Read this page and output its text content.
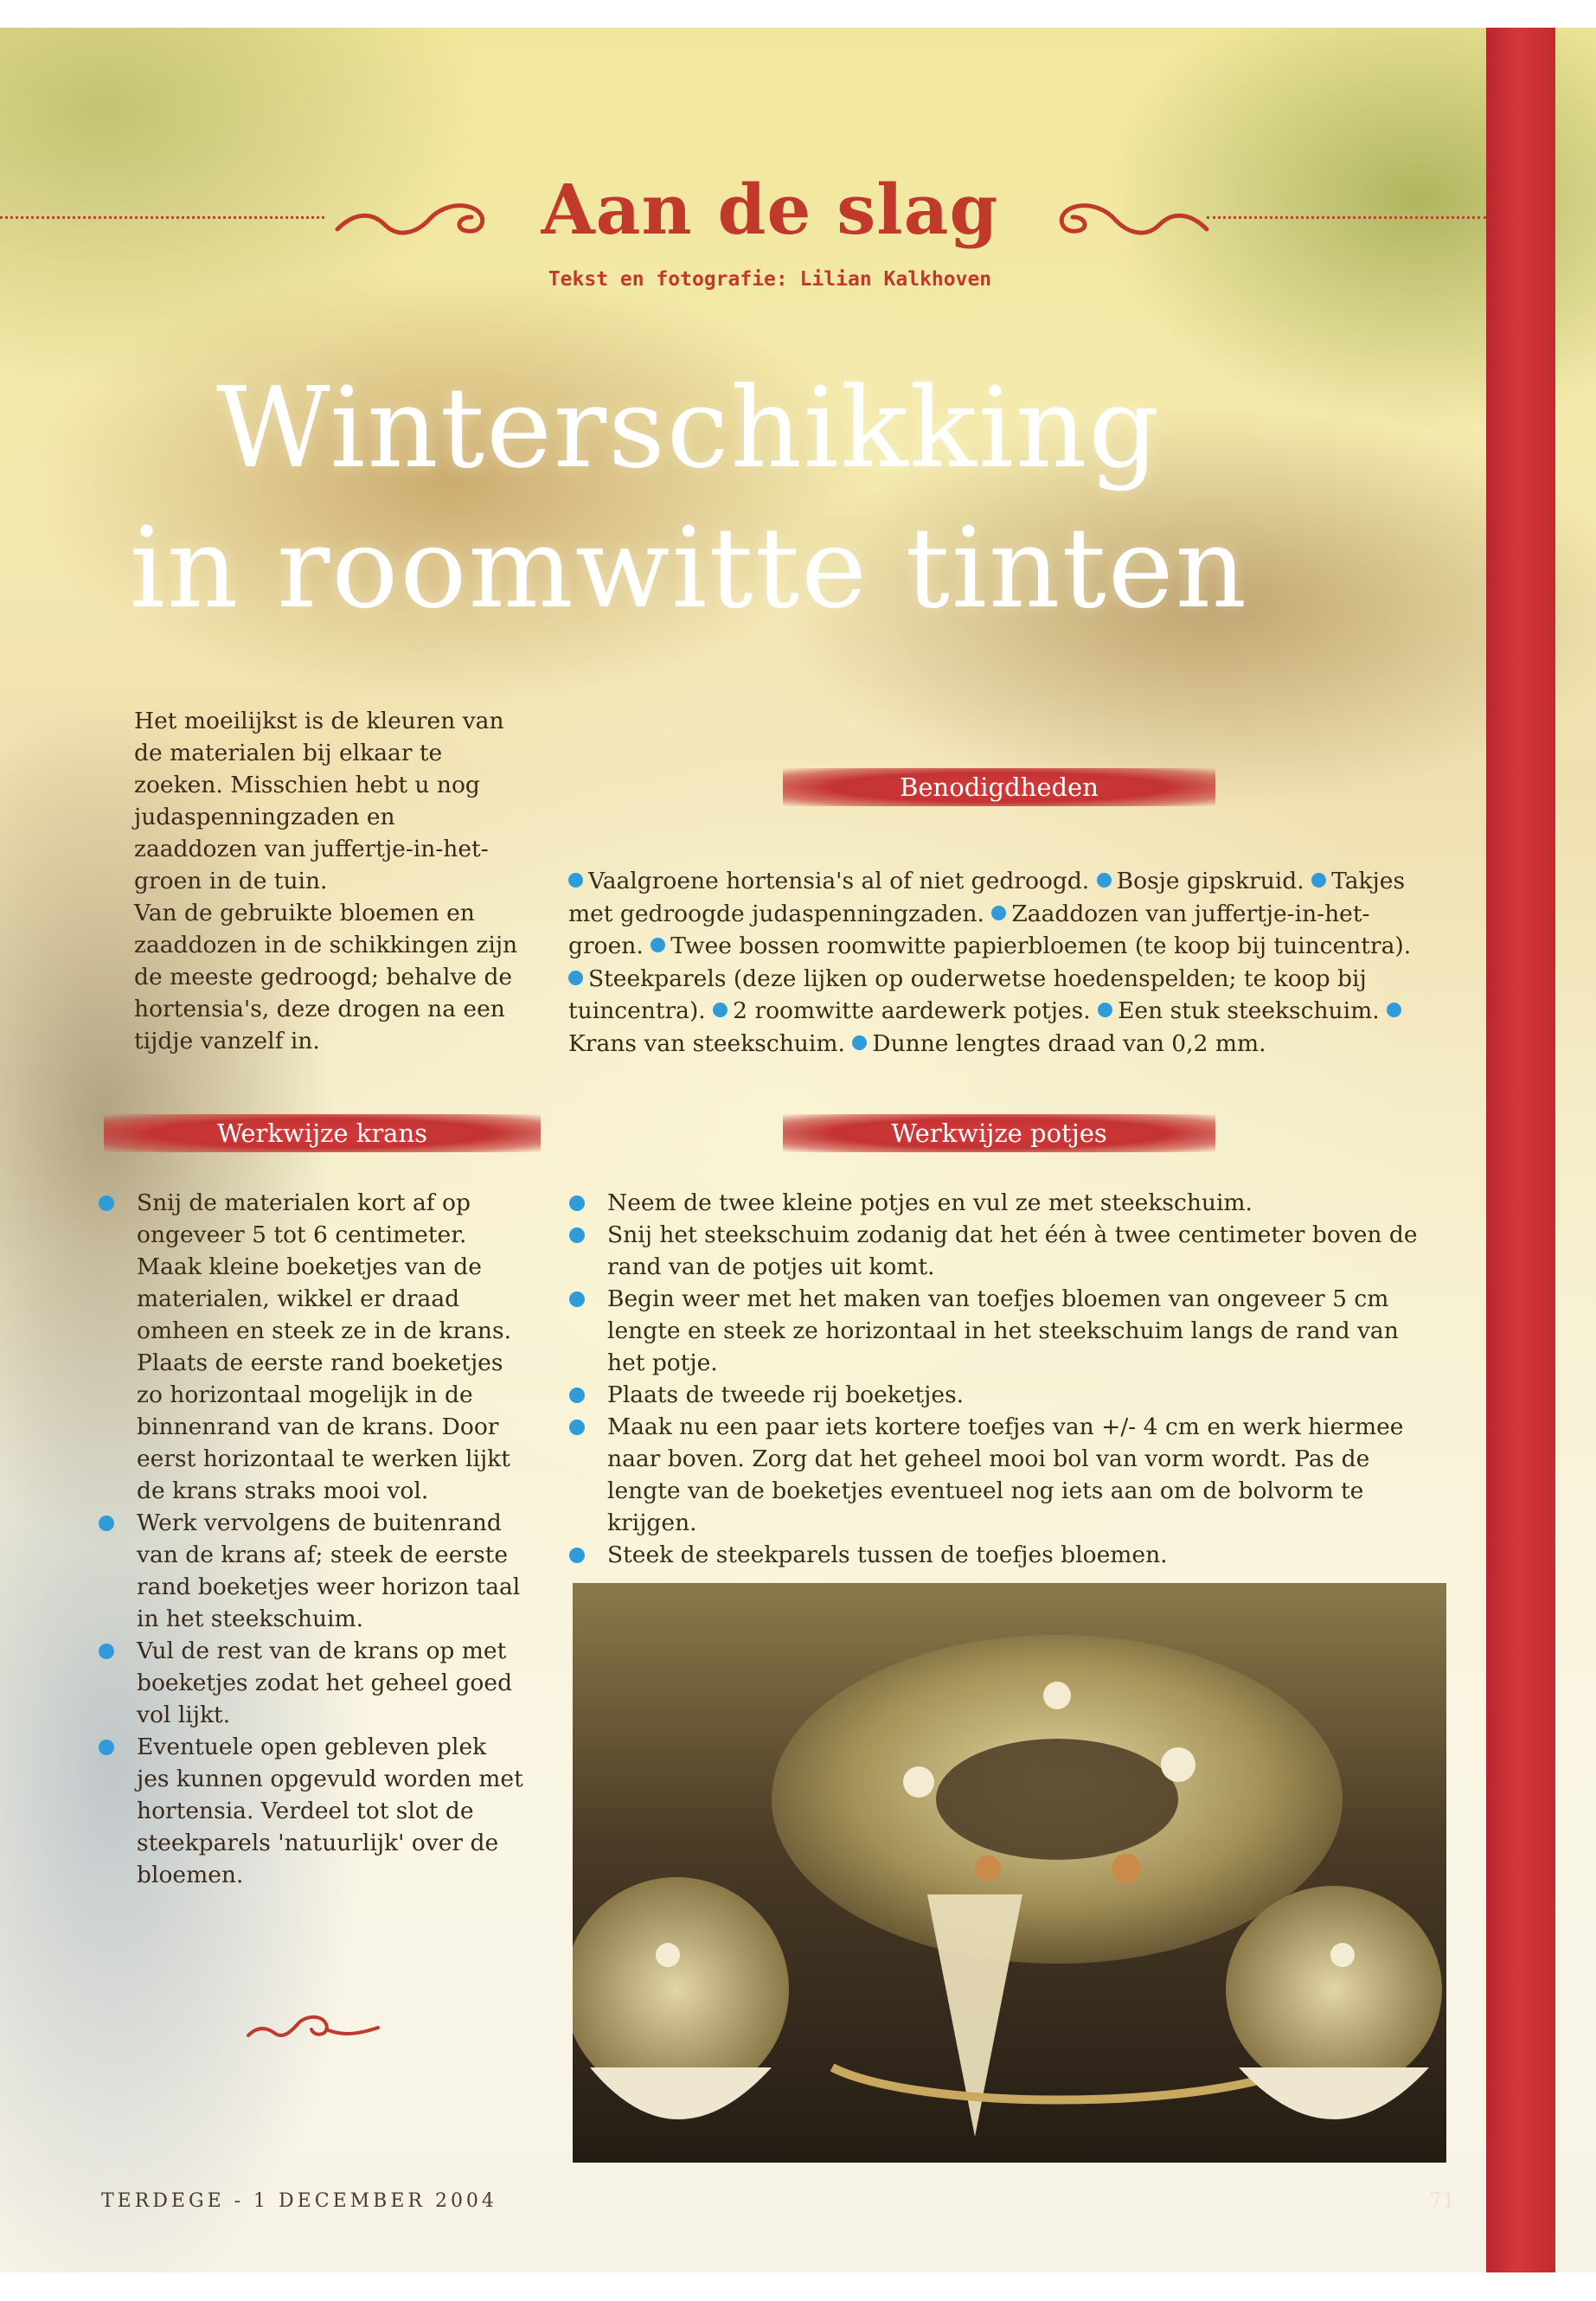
Aan de slag
Tekst en fotografie: Lilian Kalkhoven
Winterschikking
in roomwitte tinten

Het moeilijkst is de kleuren van de materialen bij elkaar te zoeken. Misschien hebt u nog judaspenningzaden en zaaddozen van juffertje-in-het-groen in de tuin.

Van de gebruikte bloemen en zaaddozen in de schikkingen zijn de meeste gedroogd; behalve de hortensia's, deze drogen na een tijdje vanzelf in.

Benodigdheden
Vaalgroene hortensia's al of niet gedroogd. Bosje gipskruid. Takjes met gedroogde judaspenningzaden. Zaaddozen van juffertje-in-het-groen. Twee bossen roomwitte papierbloemen (te koop bij tuincentra). Steekparels (deze lijken op ouderwetse hoedenspelden; te koop bij tuincentra). 2 roomwitte aardewerk potjes. Een stuk steekschuim. Krans van steekschuim. Dunne lengtes draad van 0,2 mm.
Werkwijze krans
Snij de materialen kort af op ongeveer 5 tot 6 centimeter. Maak kleine boeketjes van de materialen, wikkel er draad omheen en steek ze in de krans. Plaats de eerste rand boeketjes zo horizontaal mogelijk in de binnenrand van de krans. Door eerst horizontaal te werken lijkt de krans straks mooi vol.
Werk vervolgens de buitenrand van de krans af; steek de eerste rand boeketjes weer horizon taal in het steekschuim.
Vul de rest van de krans op met boeketjes zodat het geheel goed vol lijkt.
Eventuele open gebleven plek jes kunnen opgevuld worden met hortensia. Verdeel tot slot de steekparels 'natuurlijk' over de bloemen.
Werkwijze potjes
Neem de twee kleine potjes en vul ze met steekschuim.
Snij het steekschuim zodanig dat het één à twee centimeter boven de rand van de potjes uit komt.
Begin weer met het maken van toefjes bloemen van ongeveer 5 cm lengte en steek ze horizontaal in het steekschuim langs de rand van het potje.
Plaats de tweede rij boeketjes.
Maak nu een paar iets kortere toefjes van +/- 4 cm en werk hiermee naar boven. Zorg dat het geheel mooi bol van vorm wordt. Pas de lengte van de boeketjes eventueel nog iets aan om de bolvorm te krijgen.
Steek de steekparels tussen de toefjes bloemen.
TERDEGE - 1 DECEMBER 2004	71
